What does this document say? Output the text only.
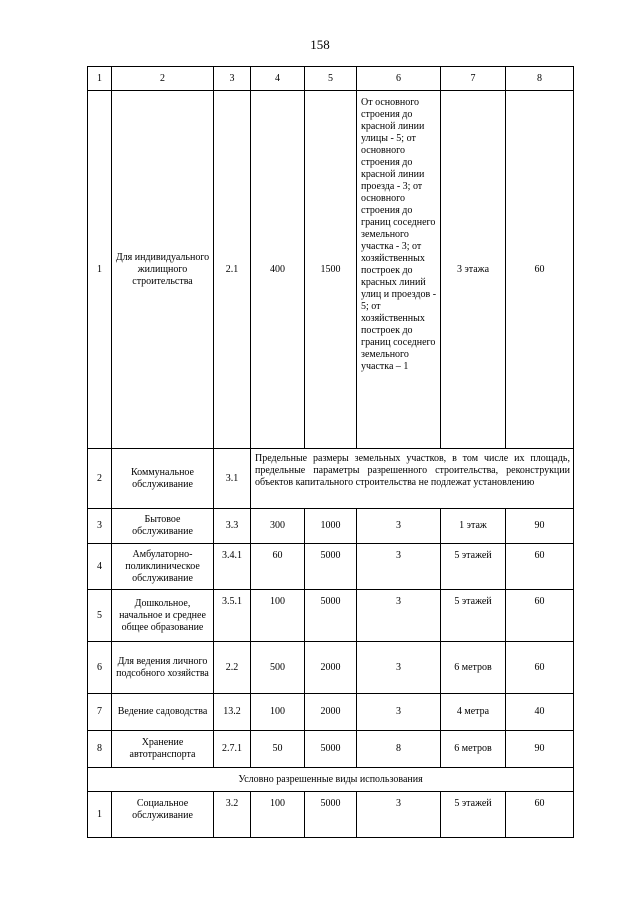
158
1	2	3	4	5	6	7	8
1	Для индивидуального жилищного строительства	2.1	400	1500	От основного строения до красной линии улицы - 5; от основного строения до красной линии проезда - 3; от основного строения до границ соседнего земельного участка - 3; от хозяйственных построек до красных линий улиц и проездов - 5; от хозяйственных построек до границ соседнего земельного участка – 1	3 этажа	60
2	Коммунальное обслуживание	3.1	Предельные размеры земельных участков, в том числе их площадь, предельные параметры разрешенного строительства, реконструкции объектов капитального строительства не подлежат установлению				
3	Бытовое обслуживание	3.3	300	1000	3	1 этаж	90
4	Амбулаторно-поликлиническое обслуживание	3.4.1	60	5000	3	5 этажей	60
5	Дошкольное, начальное и среднее общее образование	3.5.1	100	5000	3	5 этажей	60
6	Для ведения личного подсобного хозяйства	2.2	500	2000	3	6 метров	60
7	Ведение садоводства	13.2	100	2000	3	4 метра	40
8	Хранение автотранспорта	2.7.1	50	5000	8	6 метров	90
Условно разрешенные виды использования							
1	Социальное обслуживание	3.2	100	5000	3	5 этажей	60
